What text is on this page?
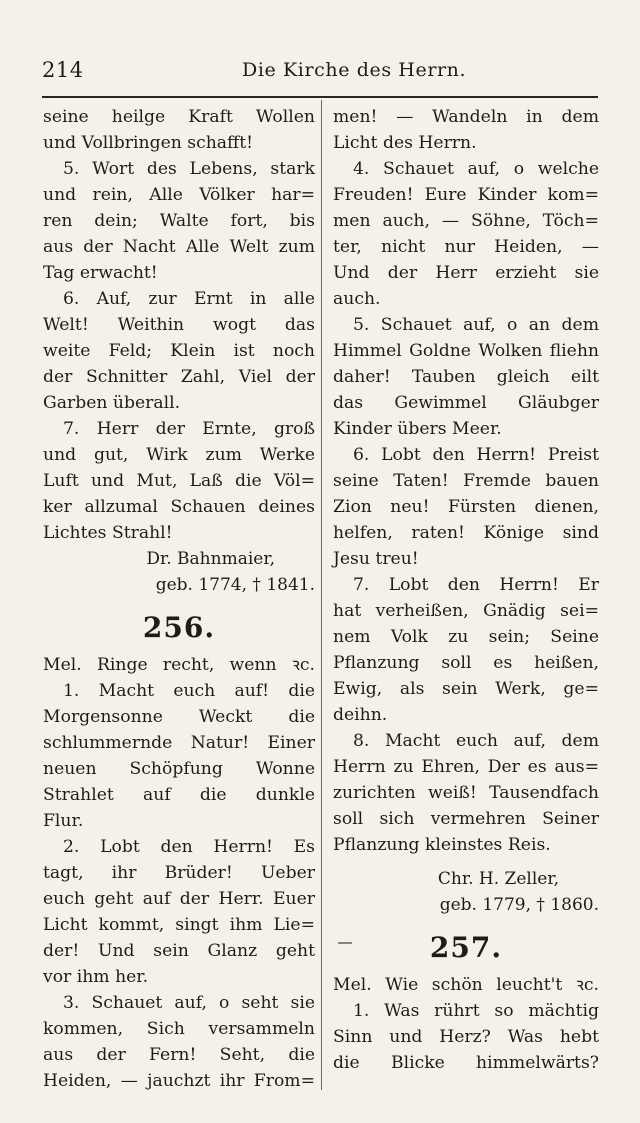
214	Die Kirche des Herrn.
seine heilge Kraft Wollen
und Vollbringen schafft!
5. Wort des Lebens, stark
und rein, Alle Völker har=
ren dein; Walte fort, bis
aus der Nacht Alle Welt zum
Tag erwacht!
6. Auf, zur Ernt in alle
Welt! Weithin wogt das
weite Feld; Klein ist noch
der Schnitter Zahl, Viel der
Garben überall.
7. Herr der Ernte, groß
und gut, Wirk zum Werke
Luft und Mut, Laß die Völ=
ker allzumal Schauen deines
Lichtes Strahl!
Dr. Bahnmaier,
geb. 1774, † 1841.
256.
Mel. Ringe recht, wenn ꝛc.
1. Macht euch auf! die
Morgensonne Weckt die
schlummernde Natur! Einer
neuen Schöpfung Wonne
Strahlet auf die dunkle
Flur.
2. Lobt den Herrn! Es
tagt, ihr Brüder! Ueber
euch geht auf der Herr. Euer
Licht kommt, singt ihm Lie=
der! Und sein Glanz geht
vor ihm her.
3. Schauet auf, o seht sie
kommen, Sich versammeln
aus der Fern! Seht, die
Heiden, — jauchzt ihr From=
men! — Wandeln in dem
Licht des Herrn.
4. Schauet auf, o welche
Freuden! Eure Kinder kom=
men auch, — Söhne, Töch=
ter, nicht nur Heiden, —
Und der Herr erzieht sie
auch.
5. Schauet auf, o an dem
Himmel Goldne Wolken fliehn
daher! Tauben gleich eilt
das Gewimmel Gläubger
Kinder übers Meer.
6. Lobt den Herrn! Preist
seine Taten! Fremde bauen
Zion neu! Fürsten dienen,
helfen, raten! Könige sind
Jesu treu!
7. Lobt den Herrn! Er
hat verheißen, Gnädig sei=
nem Volk zu sein; Seine
Pflanzung soll es heißen,
Ewig, als sein Werk, ge=
deihn.
8. Macht euch auf, dem
Herrn zu Ehren, Der es aus=
zurichten weiß! Tausendfach
soll sich vermehren Seiner
Pflanzung kleinstes Reis.
Chr. H. Zeller,
geb. 1779, † 1860.
257.
Mel. Wie schön leucht't ꝛc.
1. Was rührt so mächtig
Sinn und Herz? Was hebt
die Blicke himmelwärts?
